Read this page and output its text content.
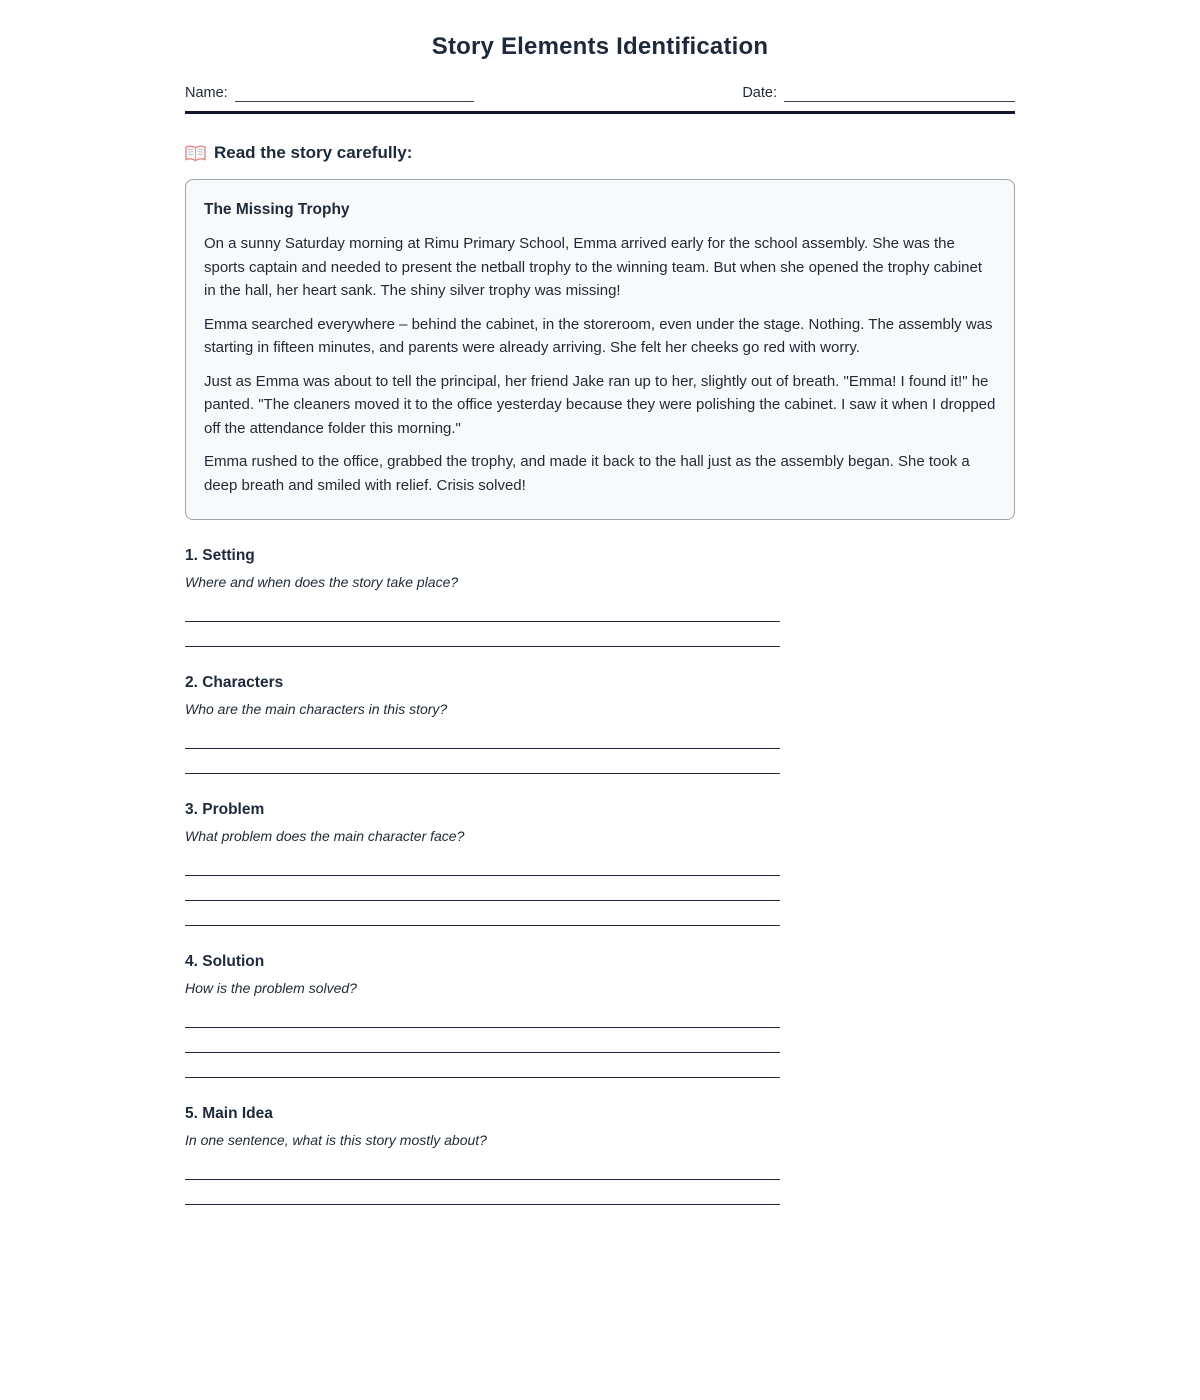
Story Elements Identification
Name:	Date:
Read the story carefully:
The Missing Trophy

On a sunny Saturday morning at Rimu Primary School, Emma arrived early for the school assembly. She was the sports captain and needed to present the netball trophy to the winning team. But when she opened the trophy cabinet in the hall, her heart sank. The shiny silver trophy was missing!

Emma searched everywhere – behind the cabinet, in the storeroom, even under the stage. Nothing. The assembly was starting in fifteen minutes, and parents were already arriving. She felt her cheeks go red with worry.

Just as Emma was about to tell the principal, her friend Jake ran up to her, slightly out of breath. "Emma! I found it!" he panted. "The cleaners moved it to the office yesterday because they were polishing the cabinet. I saw it when I dropped off the attendance folder this morning."

Emma rushed to the office, grabbed the trophy, and made it back to the hall just as the assembly began. She took a deep breath and smiled with relief. Crisis solved!

1. Setting

Where and when does the story take place?

2. Characters

Who are the main characters in this story?

3. Problem

What problem does the main character face?

4. Solution

How is the problem solved?

5. Main Idea

In one sentence, what is this story mostly about?
